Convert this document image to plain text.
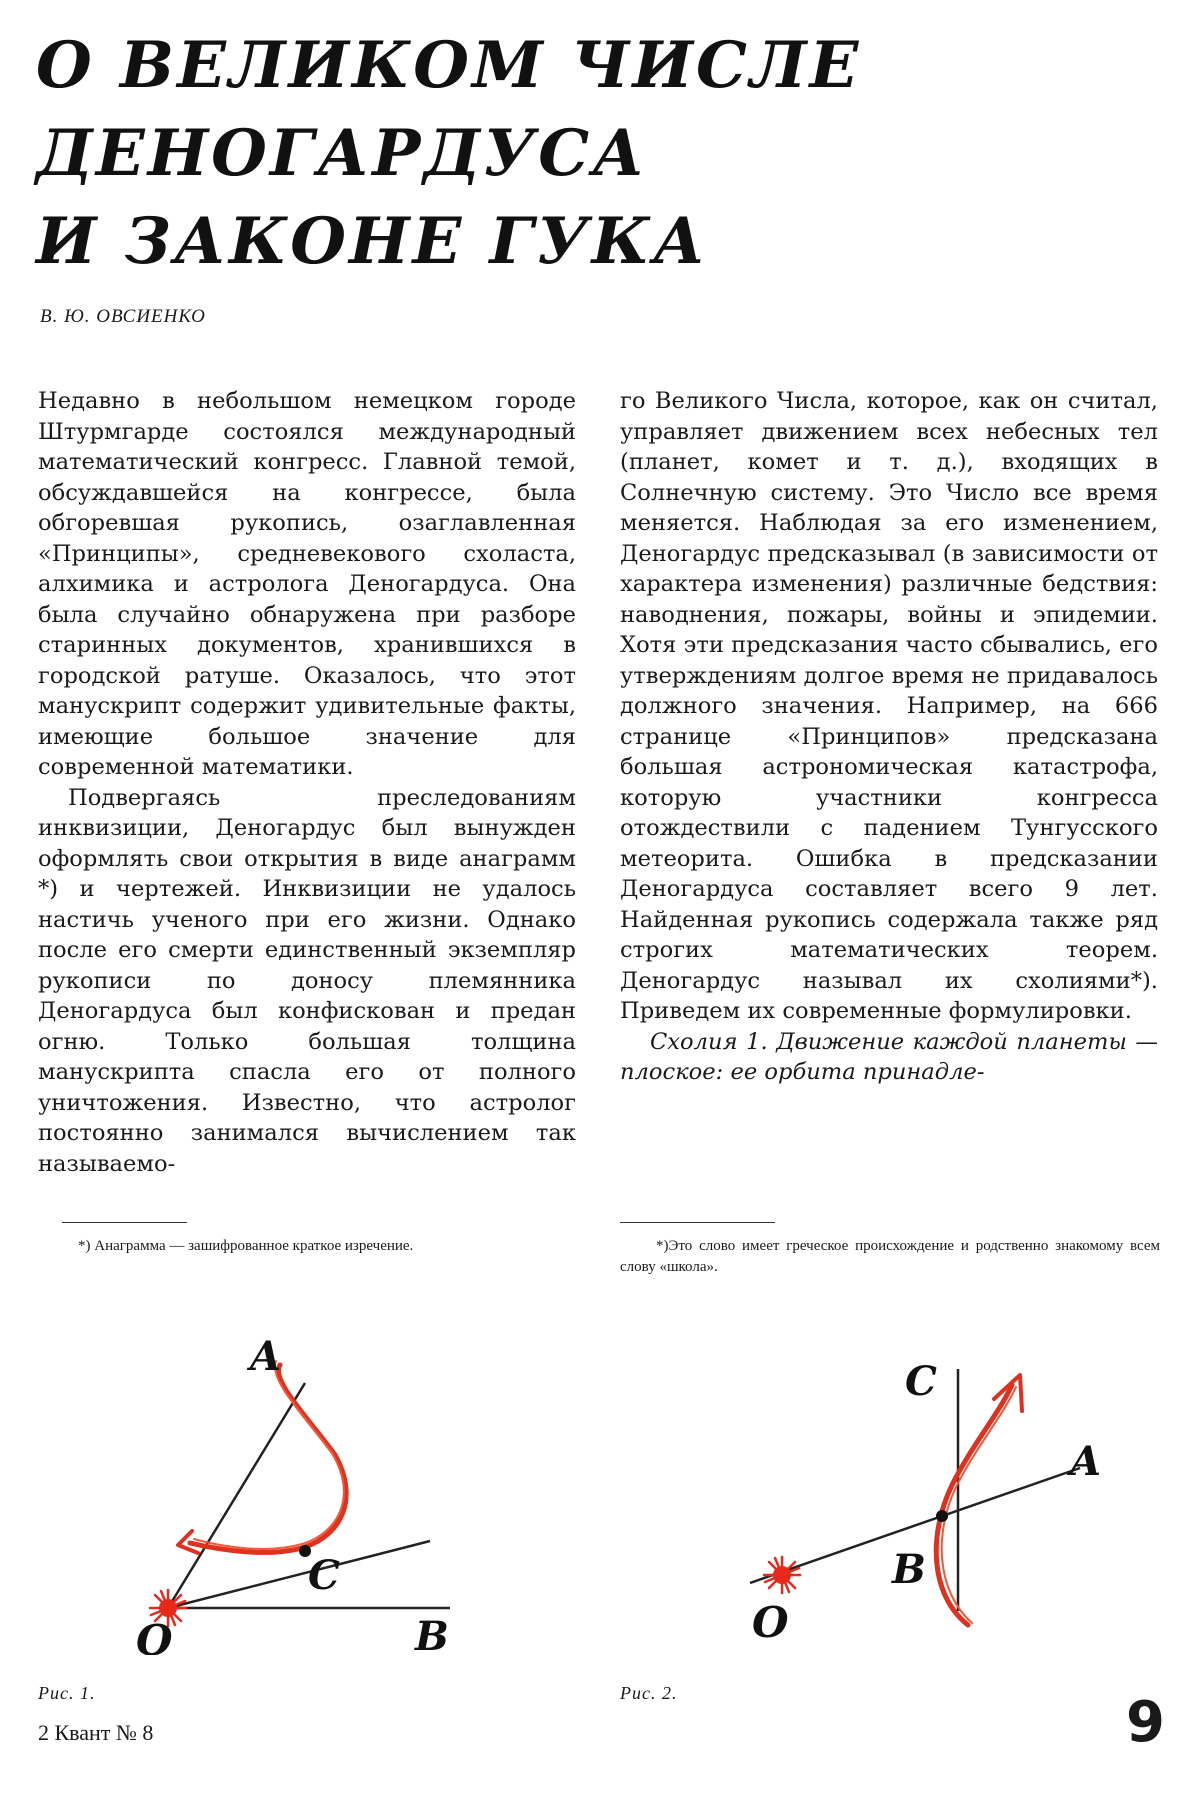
О ВЕЛИКОМ ЧИСЛЕ
ДЕНОГАРДУСА
И ЗАКОНЕ ГУКА
В. Ю. ОВСИЕНКО

Недавно в небольшом немецком городе Штурмгарде состоялся международный математический конгресс. Главной темой, обсуждавшейся на конгрессе, была обгоревшая рукопись, озаглавленная «Принципы», средневекового схоласта, алхимика и астролога Деногардуса. Она была случайно обнаружена при разборе старинных документов, хранившихся в городской ратуше. Оказалось, что этот манускрипт содержит удивительные факты, имеющие большое значение для современной математики.

Подвергаясь преследованиям инквизиции, Деногардус был вынужден оформлять свои открытия в виде анаграмм *) и чертежей. Инквизиции не удалось настичь ученого при его жизни. Однако после его смерти единственный экземпляр рукописи по доносу племянника Деногардуса был конфискован и предан огню. Только большая толщина манускрипта спасла его от полного уничтожения. Известно, что астролог постоянно занимался вычислением так называемо-

го Великого Числа, которое, как он считал, управляет движением всех небесных тел (планет, комет и т. д.), входящих в Солнечную систему. Это Число все время меняется. Наблюдая за его изменением, Деногардус предсказывал (в зависимости от характера изменения) различные бедствия: наводнения, пожары, войны и эпидемии. Хотя эти предсказания часто сбывались, его утверждениям долгое время не придавалось должного значения. Например, на 666 странице «Принципов» предсказана большая астрономическая катастрофа, которую участники конгресса отождествили с падением Тунгусского метеорита. Ошибка в предсказании Деногардуса составляет всего 9 лет. Найденная рукопись содержала также ряд строгих математических теорем. Деногардус называл их схолиями*). Приведем их современные формулировки.

Схолия 1. Движение каждой планеты — плоское: ее орбита принадле-

*) Анаграмма — зашифрованное краткое изречение.	*)Это слово имеет греческое происхождение и родственно знакомому всем слову «школа».
A
C
O	B
Рис. 1.
C
A
B
O
Рис. 2.
2 Квант № 8	9
